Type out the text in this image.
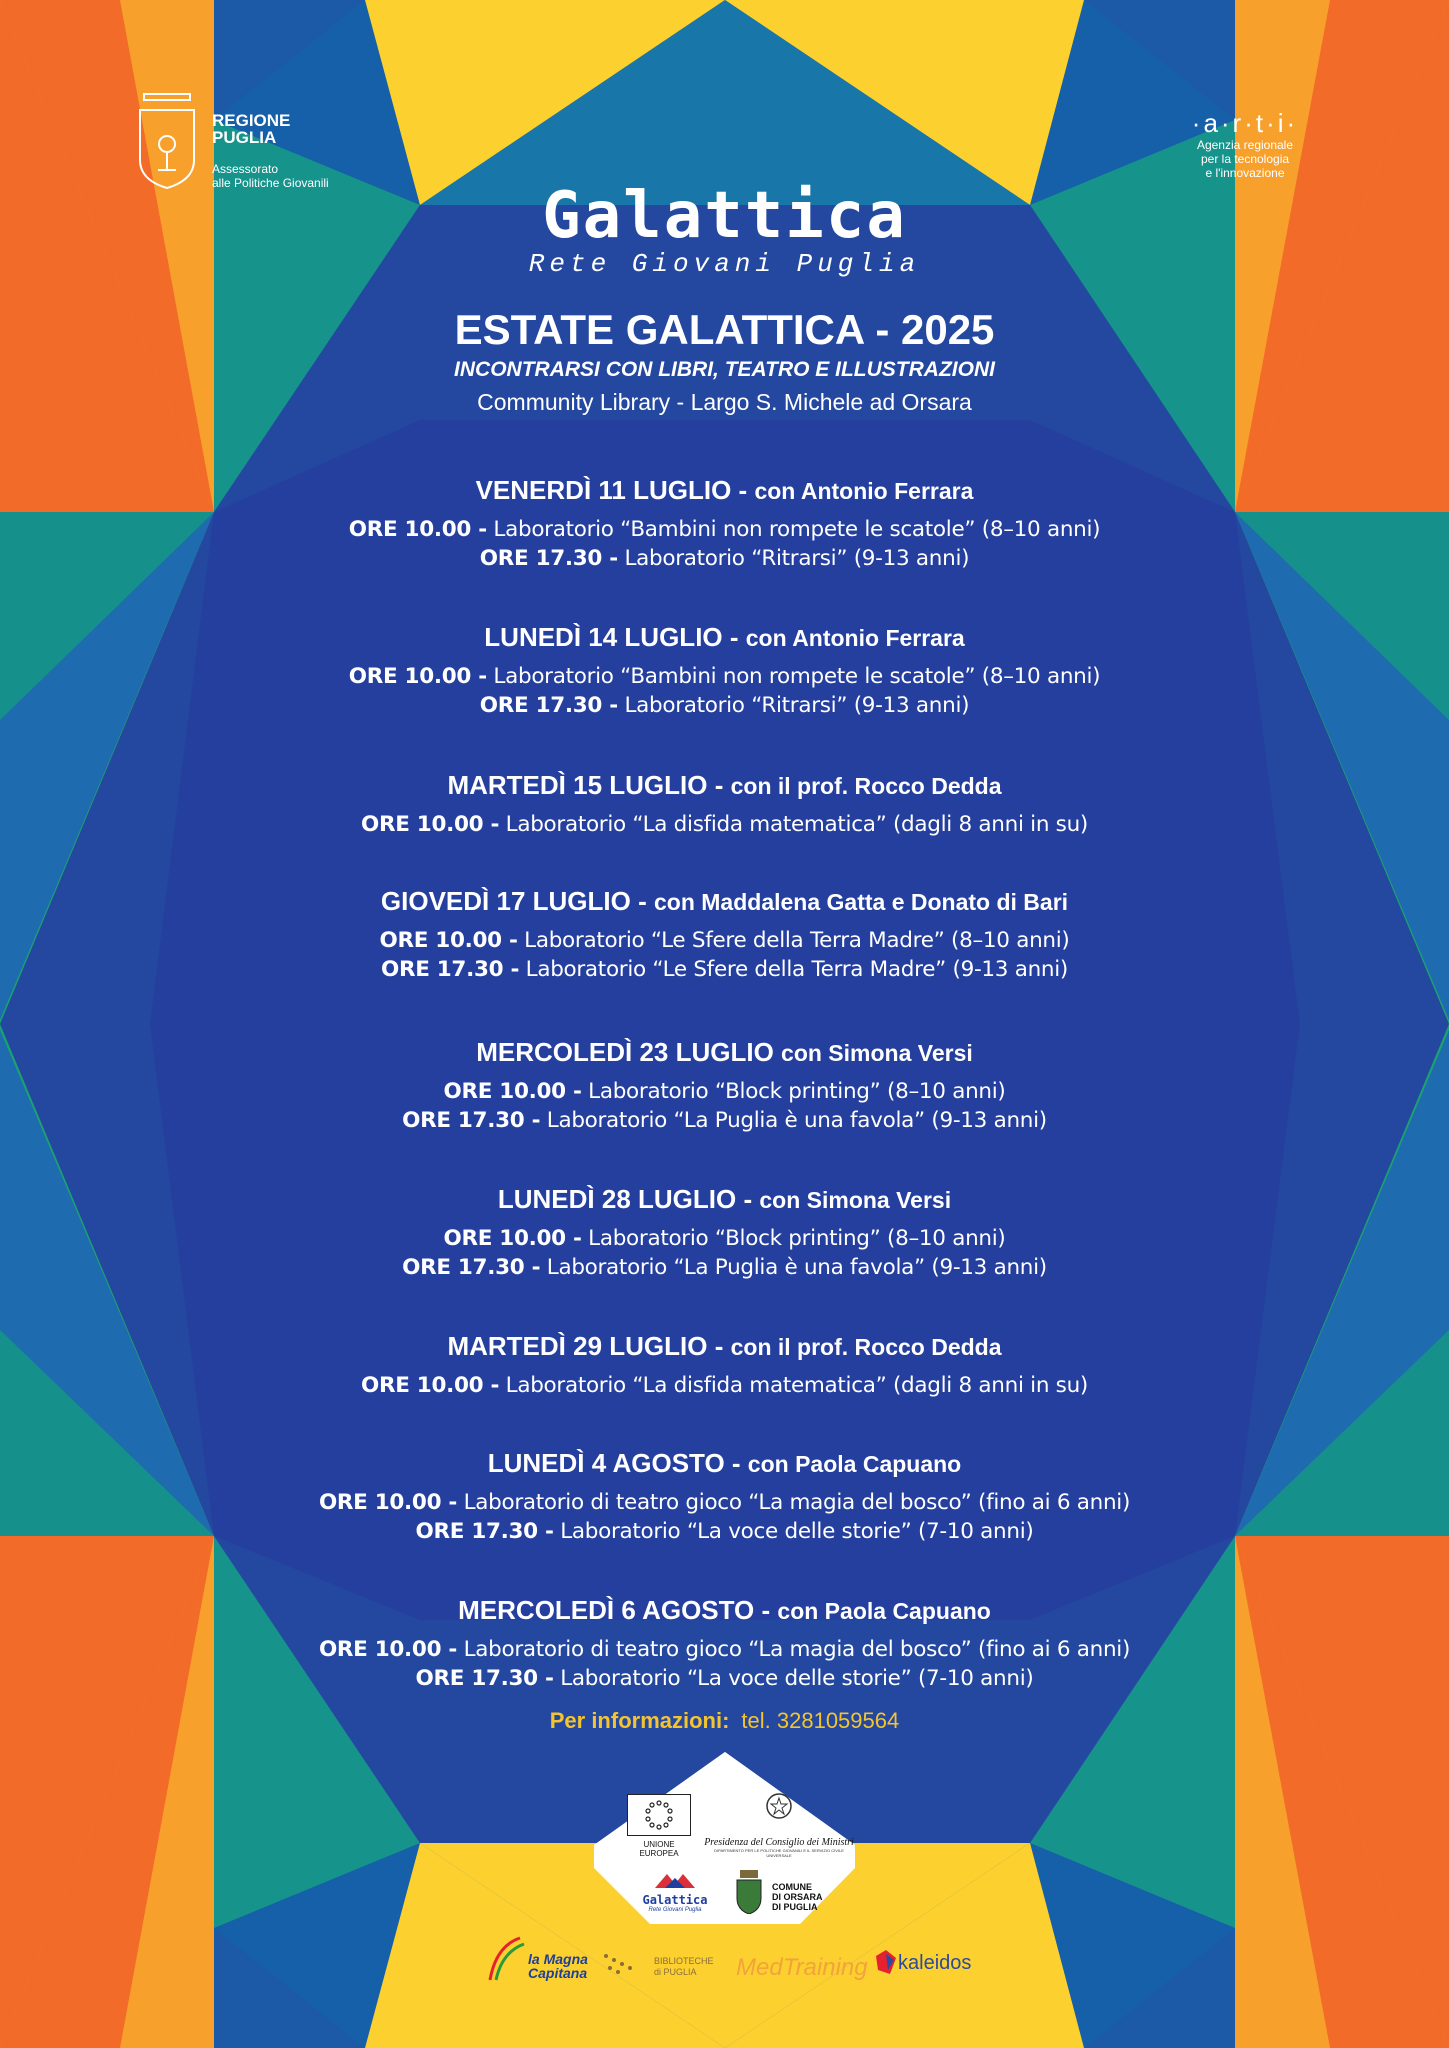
REGIONE
PUGLIA
Assessorato
alle Politiche Giovanili
·a·r·t·i·
Agenzia regionale
per la tecnologia
e l'innovazione
Galattica
Rete Giovani Puglia
ESTATE GALATTICA - 2025
INCONTRARSI CON LIBRI, TEATRO E ILLUSTRAZIONI
Community Library - Largo S. Michele ad Orsara
VENERDÌ 11 LUGLIO - con Antonio Ferrara
ORE 10.00 - Laboratorio “Bambini non rompete le scatole” (8–10 anni)
ORE 17.30 - Laboratorio “Ritrarsi” (9-13 anni)
LUNEDÌ 14 LUGLIO - con Antonio Ferrara
ORE 10.00 - Laboratorio “Bambini non rompete le scatole” (8–10 anni)
ORE 17.30 - Laboratorio “Ritrarsi” (9-13 anni)
MARTEDÌ 15 LUGLIO - con il prof. Rocco Dedda
ORE 10.00 - Laboratorio “La disfida matematica” (dagli 8 anni in su)
GIOVEDÌ 17 LUGLIO - con Maddalena Gatta e Donato di Bari
ORE 10.00 - Laboratorio “Le Sfere della Terra Madre” (8–10 anni)
ORE 17.30 - Laboratorio “Le Sfere della Terra Madre” (9-13 anni)
MERCOLEDÌ 23 LUGLIO con Simona Versi
ORE 10.00 - Laboratorio “Block printing” (8–10 anni)
ORE 17.30 - Laboratorio “La Puglia è una favola” (9-13 anni)
LUNEDÌ 28 LUGLIO - con Simona Versi
ORE 10.00 - Laboratorio “Block printing” (8–10 anni)
ORE 17.30 - Laboratorio “La Puglia è una favola” (9-13 anni)
MARTEDÌ 29 LUGLIO - con il prof. Rocco Dedda
ORE 10.00 - Laboratorio “La disfida matematica” (dagli 8 anni in su)
LUNEDÌ 4 AGOSTO - con Paola Capuano
ORE 10.00 - Laboratorio di teatro gioco “La magia del bosco” (fino ai 6 anni)
ORE 17.30 - Laboratorio “La voce delle storie” (7-10 anni)
MERCOLEDÌ 6 AGOSTO - con Paola Capuano
ORE 10.00 - Laboratorio di teatro gioco “La magia del bosco” (fino ai 6 anni)
ORE 17.30 - Laboratorio “La voce delle storie” (7-10 anni)
Per informazioni: tel. 3281059564
UNIONE EUROPEA
Presidenza del Consiglio dei Ministri
DIPARTIMENTO PER LE POLITICHE GIOVANILI E IL SERVIZIO CIVILE UNIVERSALE
Galattica
Rete Giovani Puglia
COMUNE
DI ORSARA
DI PUGLIA
la Magna
Capitana
BIBLIOTECHE
di PUGLIA	MedTraining kaleidos
